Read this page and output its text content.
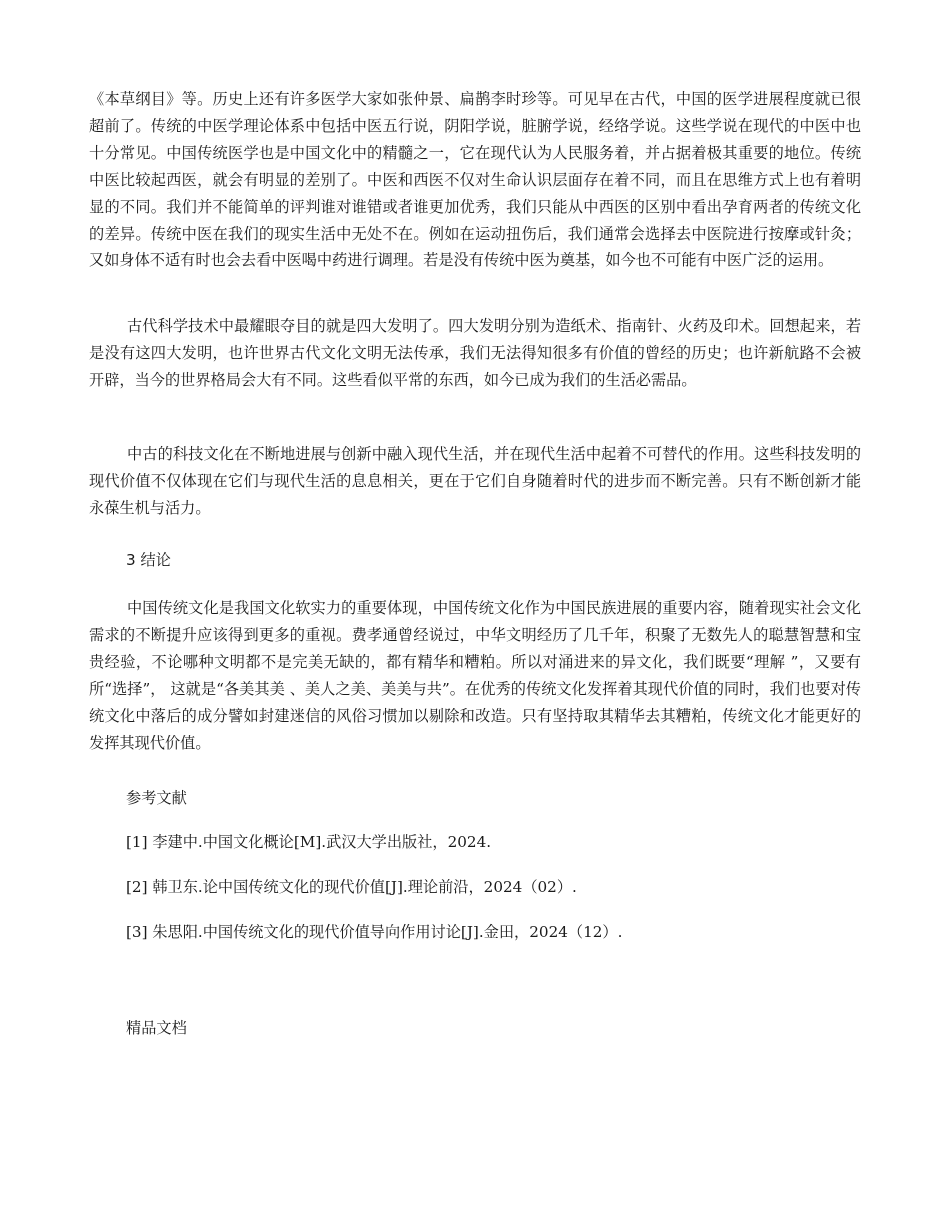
《本草纲目》等。历史上还有许多医学大家如张仲景、扁鹊李时珍等。可见早在古代，中国的医学进展程度就已很超前了。传统的中医学理论体系中包括中医五行说，阴阳学说，脏腑学说，经络学说。这些学说在现代的中医中也十分常见。中国传统医学也是中国文化中的精髓之一，它在现代认为人民服务着，并占据着极其重要的地位。传统中医比较起西医，就会有明显的差别了。中医和西医不仅对生命认识层面存在着不同，而且在思维方式上也有着明显的不同。我们并不能简单的评判谁对谁错或者谁更加优秀，我们只能从中西医的区别中看出孕育两者的传统文化的差异。传统中医在我们的现实生活中无处不在。例如在运动扭伤后，我们通常会选择去中医院进行按摩或针灸；又如身体不适有时也会去看中医喝中药进行调理。若是没有传统中医为奠基，如今也不可能有中医广泛的运用。

古代科学技术中最耀眼夺目的就是四大发明了。四大发明分别为造纸术、指南针、火药及印术。回想起来，若是没有这四大发明，也许世界古代文化文明无法传承，我们无法得知很多有价值的曾经的历史；也许新航路不会被开辟，当今的世界格局会大有不同。这些看似平常的东西，如今已成为我们的生活必需品。

中古的科技文化在不断地进展与创新中融入现代生活，并在现代生活中起着不可替代的作用。这些科技发明的现代价值不仅体现在它们与现代生活的息息相关，更在于它们自身随着时代的进步而不断完善。只有不断创新才能永葆生机与活力。

3 结论

中国传统文化是我国文化软实力的重要体现，中国传统文化作为中国民族进展的重要内容，随着现实社会文化需求的不断提升应该得到更多的重视。费孝通曾经说过，中华文明经历了几千年，积聚了无数先人的聪慧智慧和宝贵经验，不论哪种文明都不是完美无缺的，都有精华和糟粕。所以对涌进来的异文化，我们既要“理解 ”，又要有所“选择”， 这就是“各美其美 、美人之美、美美与共”。在优秀的传统文化发挥着其现代价值的同时，我们也要对传统文化中落后的成分譬如封建迷信的风俗习惯加以剔除和改造。只有坚持取其精华去其糟粕，传统文化才能更好的发挥其现代价值。

参考文献
[1] 李建中.中国文化概论[M].武汉大学出版社，2024.
[2] 韩卫东.论中国传统文化的现代价值[J].理论前沿，2024（02）.
[3] 朱思阳.中国传统文化的现代价值导向作用讨论[J].金田，2024（12）.
精品文档
